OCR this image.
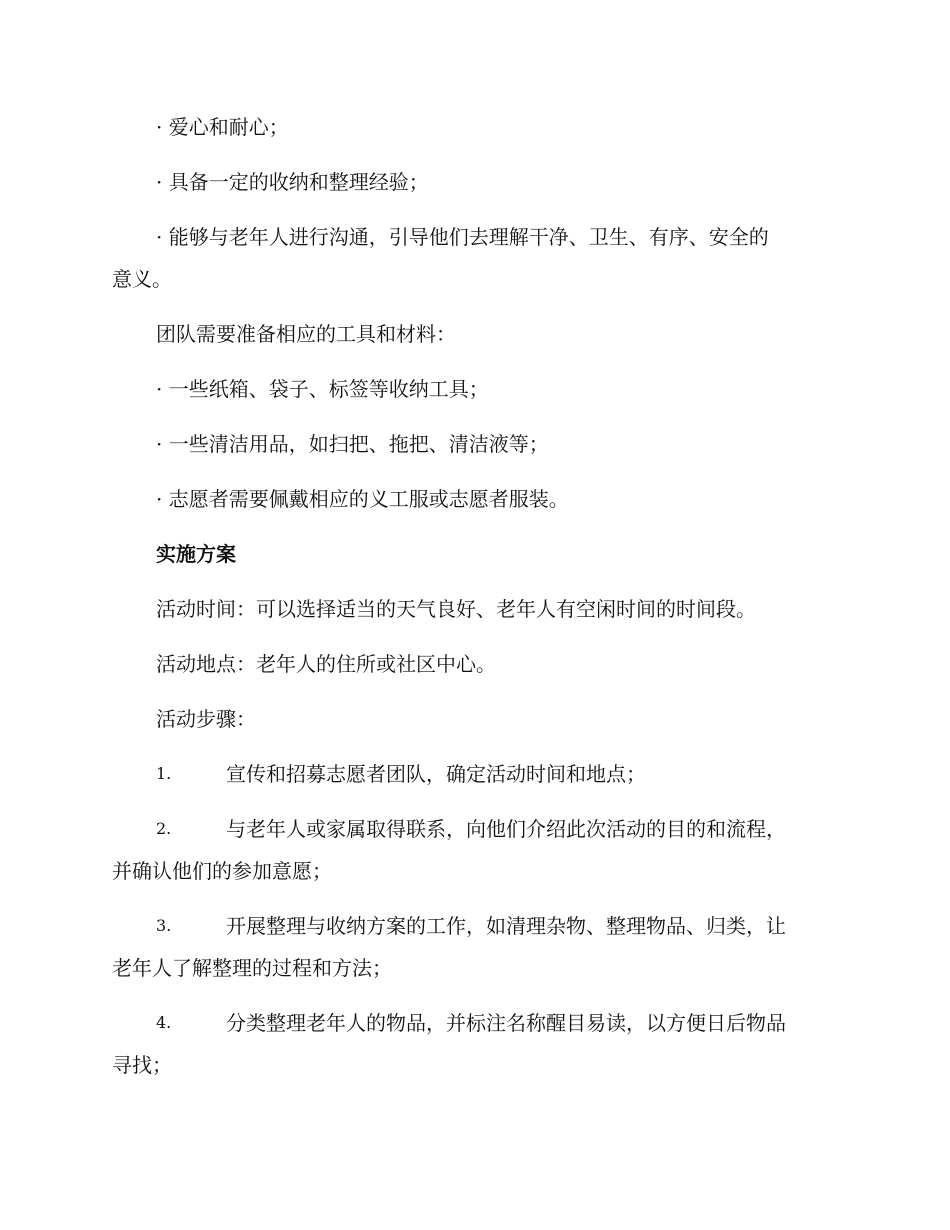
· 爱心和耐心；
· 具备一定的收纳和整理经验；
· 能够与老年人进行沟通，引导他们去理解干净、卫生、有序、安全的
意义。
团队需要准备相应的工具和材料：
· 一些纸箱、袋子、标签等收纳工具；
· 一些清洁用品，如扫把、拖把、清洁液等；
· 志愿者需要佩戴相应的义工服或志愿者服装。
实施方案
活动时间：可以选择适当的天气良好、老年人有空闲时间的时间段。
活动地点：老年人的住所或社区中心。
活动步骤：
1.	宣传和招募志愿者团队，确定活动时间和地点；
2.	与老年人或家属取得联系，向他们介绍此次活动的目的和流程，
并确认他们的参加意愿；
3.	开展整理与收纳方案的工作，如清理杂物、整理物品、归类，让
老年人了解整理的过程和方法；
4.	分类整理老年人的物品，并标注名称醒目易读，以方便日后物品
寻找；
